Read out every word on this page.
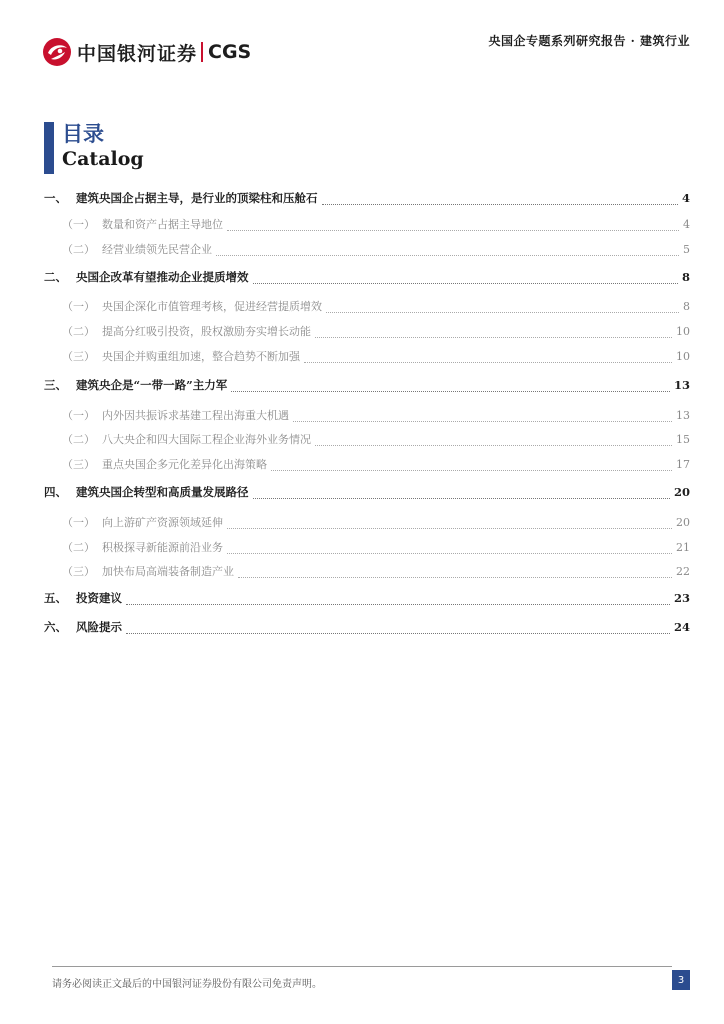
中国银河证券 CGS	央国企专题系列研究报告 · 建筑行业
目录
Catalog
一、 建筑央国企占据主导，是行业的顶梁柱和压舱石	4
（一） 数量和资产占据主导地位	4
（二） 经营业绩领先民营企业	5
二、 央国企改革有望推动企业提质增效	8
（一） 央国企深化市值管理考核，促进经营提质增效	8
（二） 提高分红吸引投资，股权激励夯实增长动能	10
（三） 央国企并购重组加速，整合趋势不断加强	10
三、 建筑央企是“一带一路”主力军	13
（一） 内外因共振诉求基建工程出海重大机遇	13
（二） 八大央企和四大国际工程企业海外业务情况	15
（三） 重点央国企多元化差异化出海策略	17
四、 建筑央国企转型和高质量发展路径	20
（一） 向上游矿产资源领域延伸	20
（二） 积极探寻新能源前沿业务	21
（三） 加快布局高端装备制造产业	22
五、 投资建议	23
六、 风险提示	24
请务必阅读正文最后的中国银河证券股份有限公司免责声明。	3
